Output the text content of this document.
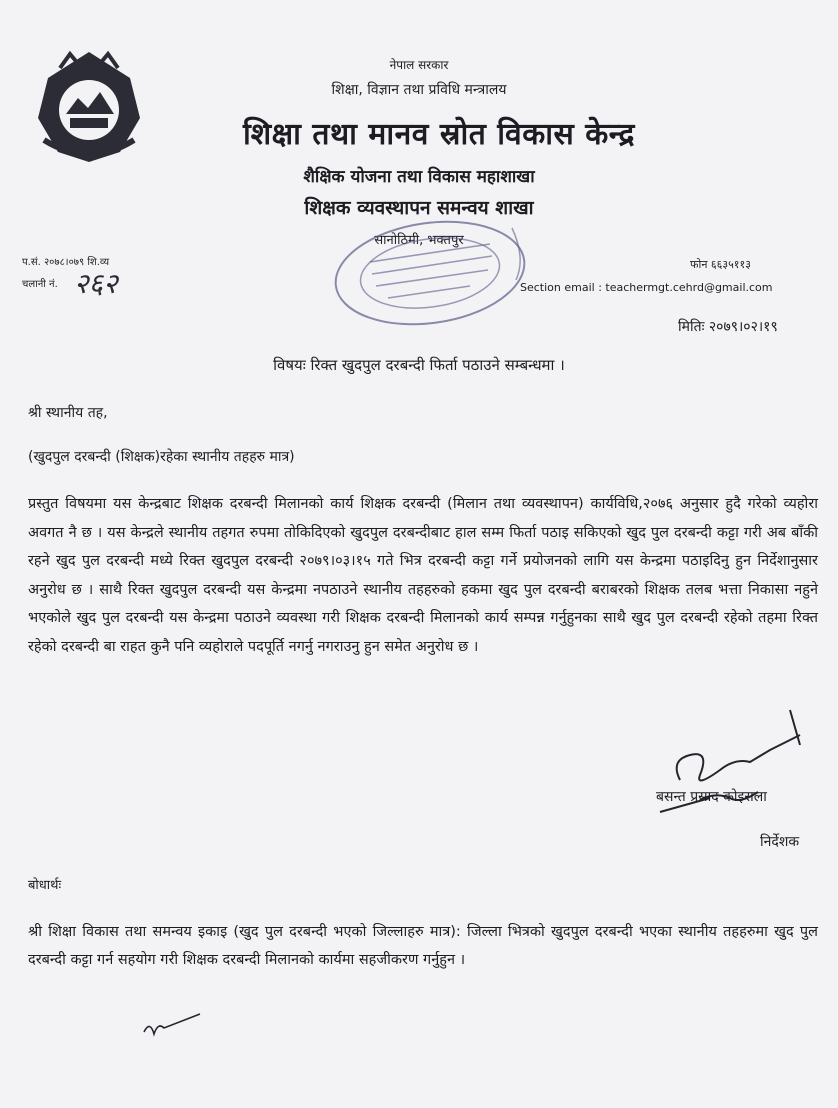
नेपाल सरकार
शिक्षा, विज्ञान तथा प्रविधि मन्त्रालय
शिक्षा तथा मानव स्रोत विकास केन्द्र
शैक्षिक योजना तथा विकास महाशाखा
शिक्षक व्यवस्थापन समन्वय शाखा
सानोठिमी, भक्तपुर
प.सं. २०७८।०७९ शि.व्य
चलानी नं. २६२
फोन ६६३५११३
Section email : teachermgt.cehrd@gmail.com
मितिः २०७९।०२।१९
विषयः रिक्त खुदपुल दरबन्दी फिर्ता पठाउने सम्बन्धमा ।
श्री स्थानीय तह,
(खुदपुल दरबन्दी (शिक्षक)रहेका स्थानीय तहहरु मात्र)
प्रस्तुत विषयमा यस केन्द्रबाट शिक्षक दरबन्दी मिलानको कार्य शिक्षक दरबन्दी (मिलान तथा व्यवस्थापन) कार्यविधि,२०७६ अनुसार हुदै गरेको व्यहोरा अवगत नै छ । यस केन्द्रले स्थानीय तहगत रुपमा तोकिदिएको खुदपुल दरबन्दीबाट हाल सम्म फिर्ता पठाइ सकिएको खुद पुल दरबन्दी कट्टा गरी अब बाँकी रहने खुद पुल दरबन्दी मध्ये रिक्त खुदपुल दरबन्दी २०७९।०३।१५ गते भित्र दरबन्दी कट्टा गर्ने प्रयोजनको लागि यस केन्द्रमा पठाइदिनु हुन निर्देशानुसार अनुरोध छ । साथै रिक्त खुदपुल दरबन्दी यस केन्द्रमा नपठाउने स्थानीय तहहरुको हकमा खुद पुल दरबन्दी बराबरको शिक्षक तलब भत्ता निकासा नहुने भएकोले खुद पुल दरबन्दी यस केन्द्रमा पठाउने व्यवस्था गरी शिक्षक दरबन्दी मिलानको कार्य सम्पन्न गर्नुहुनका साथै खुद पुल दरबन्दी रहेको तहमा रिक्त रहेको दरबन्दी बा राहत कुनै पनि व्यहोराले पदपूर्ति नगर्नु नगराउनु हुन समेत अनुरोध छ ।
बसन्त प्रसाद कोइराला
निर्देशक
बोधार्थः
श्री शिक्षा विकास तथा समन्वय इकाइ (खुद पुल दरबन्दी भएको जिल्लाहरु मात्र): जिल्ला भित्रको खुदपुल दरबन्दी भएका स्थानीय तहहरुमा खुद पुल दरबन्दी कट्टा गर्न सहयोग गरी शिक्षक दरबन्दी मिलानको कार्यमा सहजीकरण गर्नुहुन ।
